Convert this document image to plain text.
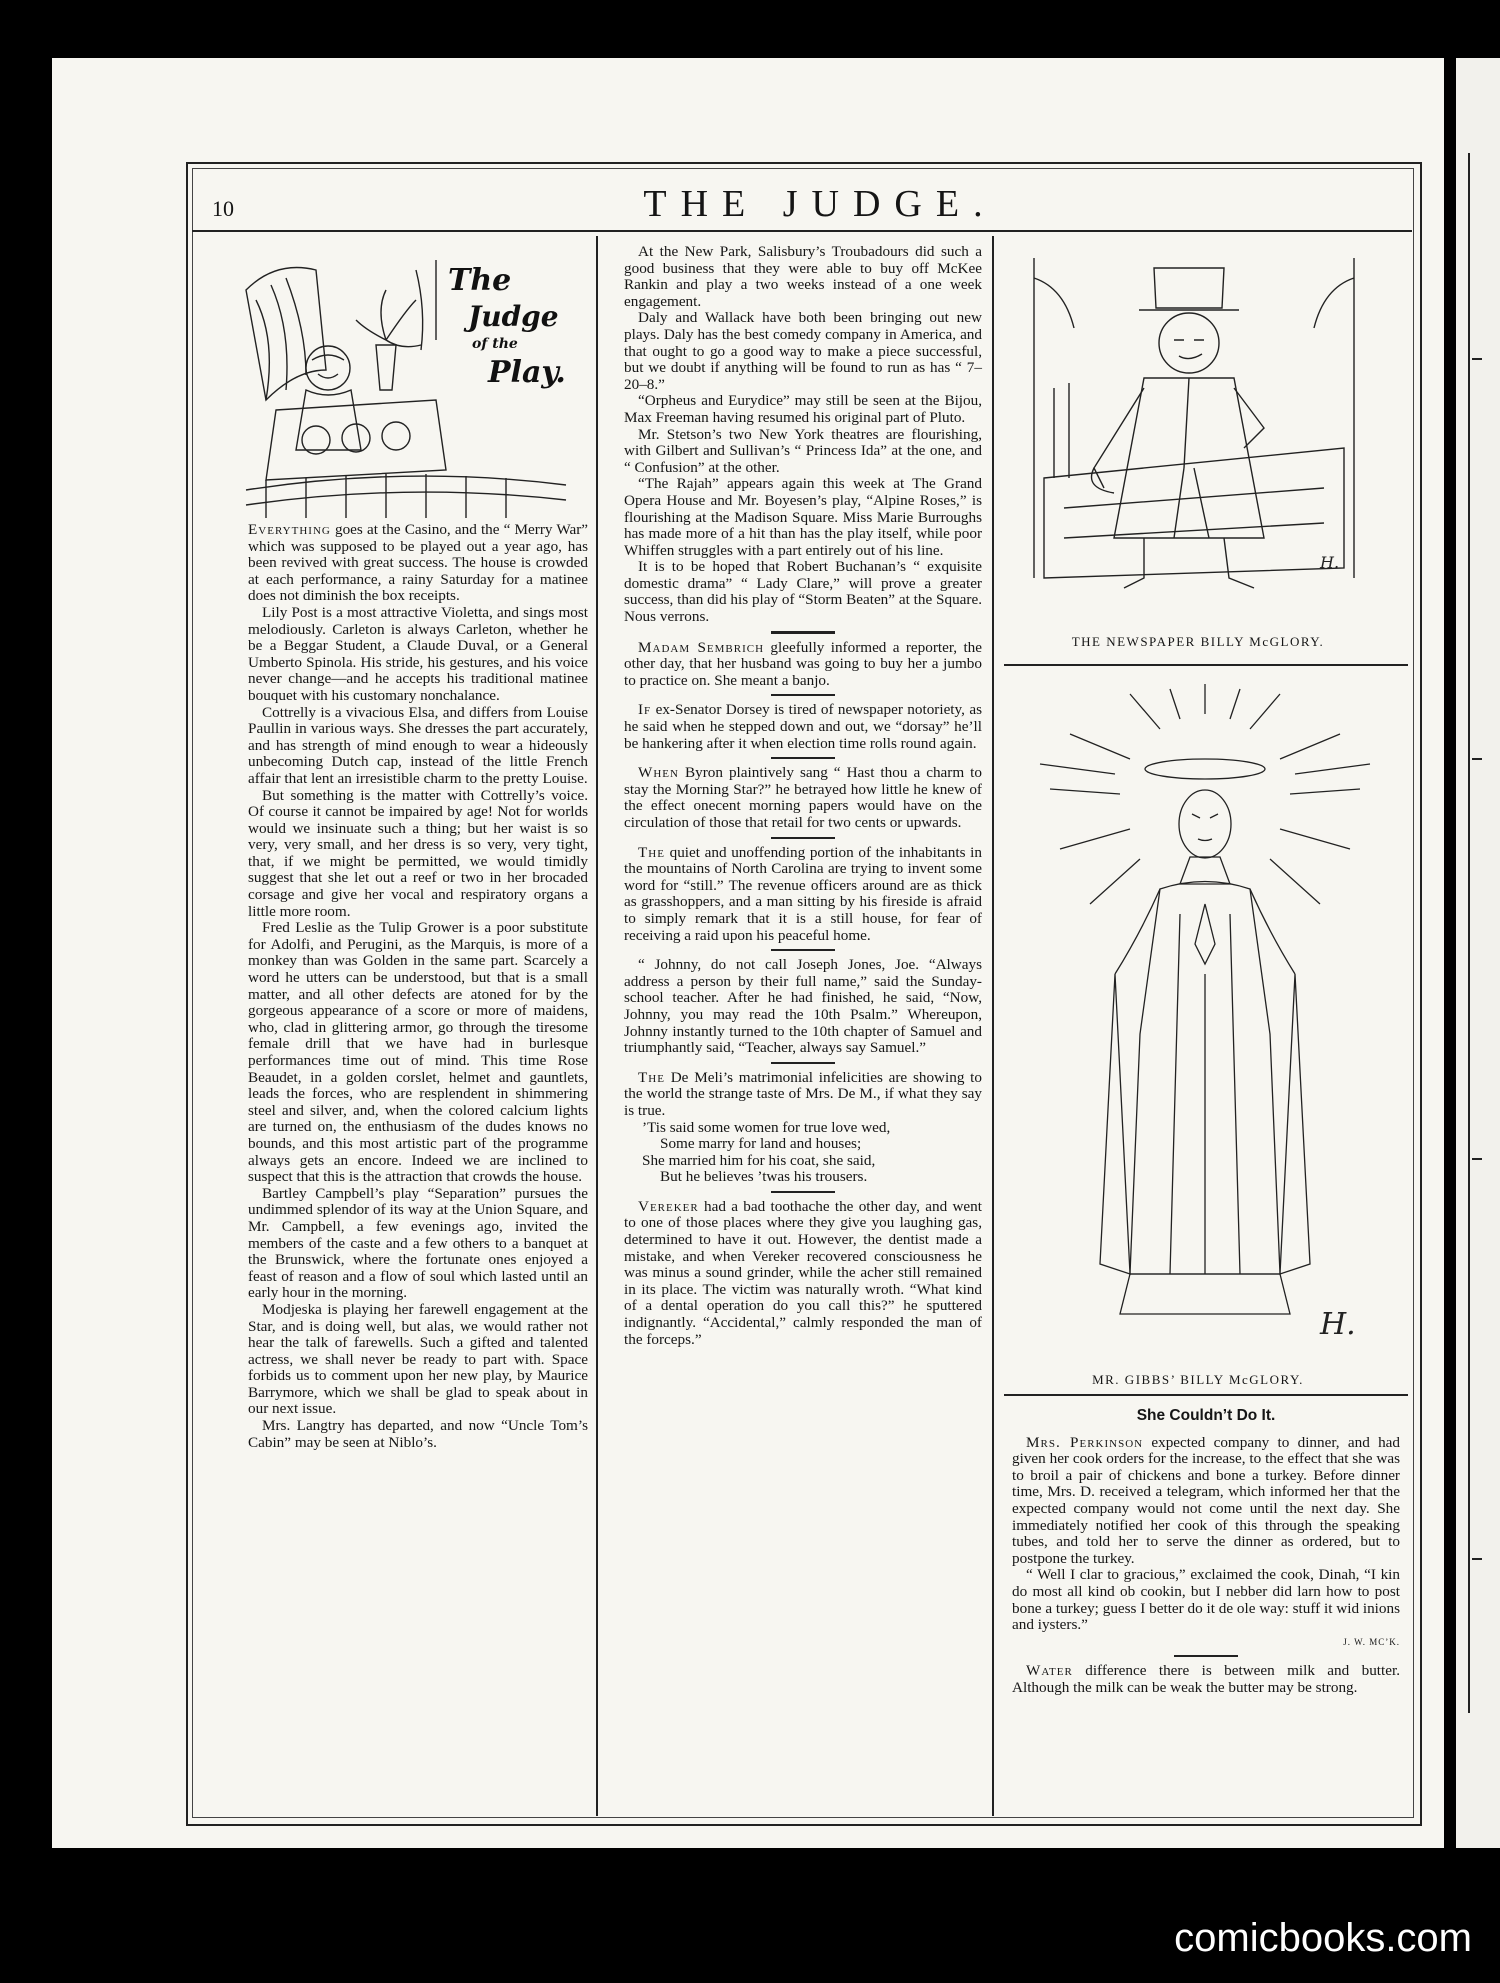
10	THE JUDGE.
The
Judge
of the
Play.

Everything goes at the Casino, and the “ Merry War” which was supposed to be played out a year ago, has been revived with great success. The house is crowded at each performance, a rainy Saturday for a matinee does not diminish the box receipts.

Lily Post is a most attractive Violetta, and sings most melodiously. Carleton is always Carleton, whether he be a Beggar Student, a Claude Duval, or a General Umberto Spinola. His stride, his gestures, and his voice never change—and he accepts his traditional matinee bouquet with his customary nonchalance.

Cottrelly is a vivacious Elsa, and differs from Louise Paullin in various ways. She dresses the part accurately, and has strength of mind enough to wear a hideously unbecoming Dutch cap, instead of the little French affair that lent an irresistible charm to the pretty Louise.

But something is the matter with Cottrelly’s voice. Of course it cannot be impaired by age! Not for worlds would we insinuate such a thing; but her waist is so very, very small, and her dress is so very, very tight, that, if we might be permitted, we would timidly suggest that she let out a reef or two in her brocaded corsage and give her vocal and respiratory organs a little more room.

Fred Leslie as the Tulip Grower is a poor substitute for Adolfi, and Perugini, as the Marquis, is more of a monkey than was Golden in the same part. Scarcely a word he utters can be understood, but that is a small matter, and all other defects are atoned for by the gorgeous appearance of a score or more of maidens, who, clad in glittering armor, go through the tiresome female drill that we have had in burlesque performances time out of mind. This time Rose Beaudet, in a golden corslet, helmet and gauntlets, leads the forces, who are resplendent in shimmering steel and silver, and, when the colored calcium lights are turned on, the enthusiasm of the dudes knows no bounds, and this most artistic part of the programme always gets an encore. Indeed we are inclined to suspect that this is the attraction that crowds the house.

Bartley Campbell’s play “Separation” pursues the undimmed splendor of its way at the Union Square, and Mr. Campbell, a few evenings ago, invited the members of the caste and a few others to a banquet at the Brunswick, where the fortunate ones enjoyed a feast of reason and a flow of soul which lasted until an early hour in the morning.

Modjeska is playing her farewell engagement at the Star, and is doing well, but alas, we would rather not hear the talk of farewells. Such a gifted and talented actress, we shall never be ready to part with. Space forbids us to comment upon her new play, by Maurice Barrymore, which we shall be glad to speak about in our next issue.

Mrs. Langtry has departed, and now “Uncle Tom’s Cabin” may be seen at Niblo’s.

At the New Park, Salisbury’s Troubadours did such a good business that they were able to buy off McKee Rankin and play a two weeks instead of a one week engagement.

Daly and Wallack have both been bringing out new plays. Daly has the best comedy company in America, and that ought to go a good way to make a piece successful, but we doubt if anything will be found to run as has “ 7–20–8.”

“Orpheus and Eurydice” may still be seen at the Bijou, Max Freeman having resumed his original part of Pluto.

Mr. Stetson’s two New York theatres are flourishing, with Gilbert and Sullivan’s “ Princess Ida” at the one, and “ Confusion” at the other.

“The Rajah” appears again this week at The Grand Opera House and Mr. Boyesen’s play, “Alpine Roses,” is flourishing at the Madison Square. Miss Marie Burroughs has made more of a hit than has the play itself, while poor Whiffen struggles with a part entirely out of his line.

It is to be hoped that Robert Buchanan’s “ exquisite domestic drama” “ Lady Clare,” will prove a greater success, than did his play of “Storm Beaten” at the Square. Nous verrons.

Madam Sembrich gleefully informed a reporter, the other day, that her husband was going to buy her a jumbo to practice on. She meant a banjo.

If ex-Senator Dorsey is tired of newspaper notoriety, as he said when he stepped down and out, we “dorsay” he’ll be hankering after it when election time rolls round again.

When Byron plaintively sang “ Hast thou a charm to stay the Morning Star?” he betrayed how little he knew of the effect onecent morning papers would have on the circulation of those that retail for two cents or upwards.

The quiet and unoffending portion of the inhabitants in the mountains of North Carolina are trying to invent some word for “still.” The revenue officers around are as thick as grasshoppers, and a man sitting by his fireside is afraid to simply remark that it is a still house, for fear of receiving a raid upon his peaceful home.

“ Johnny, do not call Joseph Jones, Joe. “Always address a person by their full name,” said the Sunday-school teacher. After he had finished, he said, “Now, Johnny, you may read the 10th Psalm.” Whereupon, Johnny instantly turned to the 10th chapter of Samuel and triumphantly said, “Teacher, always say Samuel.”

The De Meli’s matrimonial infelicities are showing to the world the strange taste of Mrs. De M., if what they say is true.

’Tis said some women for true love wed,
Some marry for land and houses;
She married him for his coat, she said,
But he believes ’twas his trousers.

Vereker had a bad toothache the other day, and went to one of those places where they give you laughing gas, determined to have it out. However, the dentist made a mistake, and when Vereker recovered consciousness he was minus a sound grinder, while the acher still remained in its place. The victim was naturally wroth. “What kind of a dental operation do you call this?” he sputtered indignantly. “Accidental,” calmly responded the man of the forceps.”

H.
THE NEWSPAPER BILLY McGLORY.
H.
MR. GIBBS’ BILLY McGLORY.
She Couldn’t Do It.

Mrs. Perkinson expected company to dinner, and had given her cook orders for the increase, to the effect that she was to broil a pair of chickens and bone a turkey. Before dinner time, Mrs. D. received a telegram, which informed her that the expected company would not come until the next day. She immediately notified her cook of this through the speaking tubes, and told her to serve the dinner as ordered, but to postpone the turkey.

“ Well I clar to gracious,” exclaimed the cook, Dinah, “I kin do most all kind ob cookin, but I nebber did larn how to post bone a turkey; guess I better do it de ole way: stuff it wid inions and iysters.”

J. W. MC’K.

Water difference there is between milk and butter. Although the milk can be weak the butter may be strong.

comicbooks.com
